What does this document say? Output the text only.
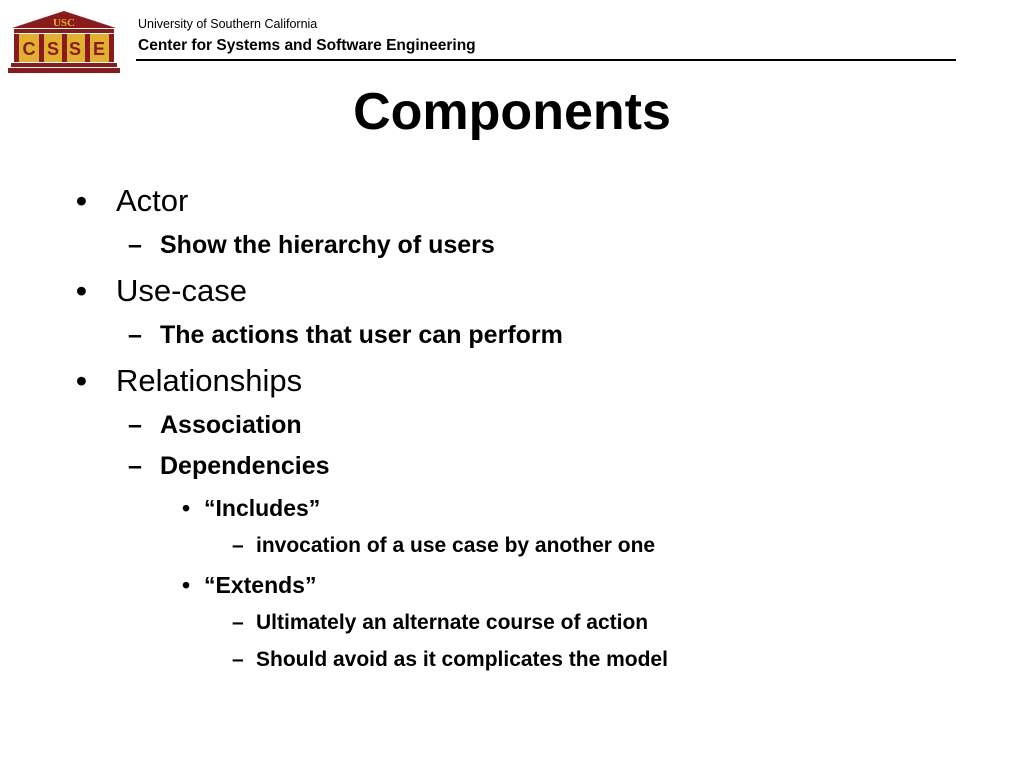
USC
C S S E
University of Southern California
Center for Systems and Software Engineering
Components
• Actor
– Show the hierarchy of users
• Use-case
– The actions that user can perform
• Relationships
– Association
– Dependencies
• “Includes”
– invocation of a use case by another one
• “Extends”
– Ultimately an alternate course of action
– Should avoid as it complicates the model
